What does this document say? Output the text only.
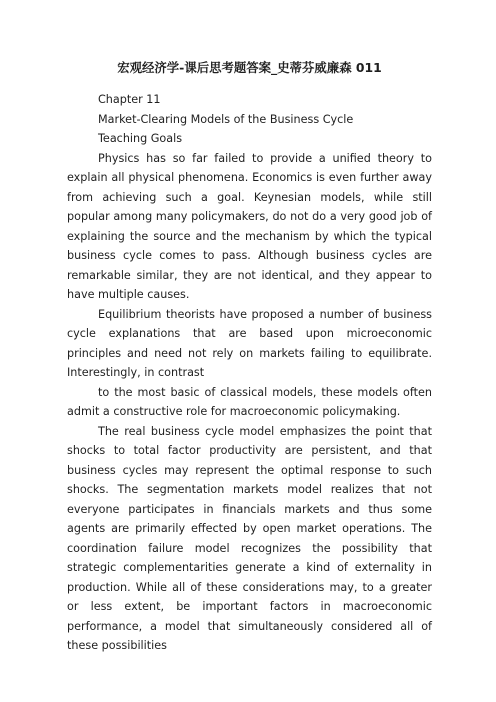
宏观经济学-课后思考题答案_史蒂芬威廉森 011
Chapter 11
Market-Clearing Models of the Business Cycle
Teaching Goals

Physics has so far failed to provide a unified theory to explain all physical phenomena. Economics is even further away from achieving such a goal. Keynesian models, while still popular among many policymakers, do not do a very good job of explaining the source and the mechanism by which the typical business cycle comes to pass. Although business cycles are remarkable similar, they are not identical, and they appear to have multiple causes.

Equilibrium theorists have proposed a number of business cycle explanations that are based upon microeconomic principles and need not rely on markets failing to equilibrate. Interestingly, in contrast

to the most basic of classical models, these models often admit a constructive role for macroeconomic policymaking.

The real business cycle model emphasizes the point that shocks to total factor productivity are persistent, and that business cycles may represent the optimal response to such shocks. The segmentation markets model realizes that not everyone participates in financials markets and thus some agents are primarily effected by open market operations. The coordination failure model recognizes the possibility that strategic complementarities generate a kind of externality in production. While all of these considerations may, to a greater or less extent, be important factors in macroeconomic performance, a model that simultaneously considered all of these possibilities
